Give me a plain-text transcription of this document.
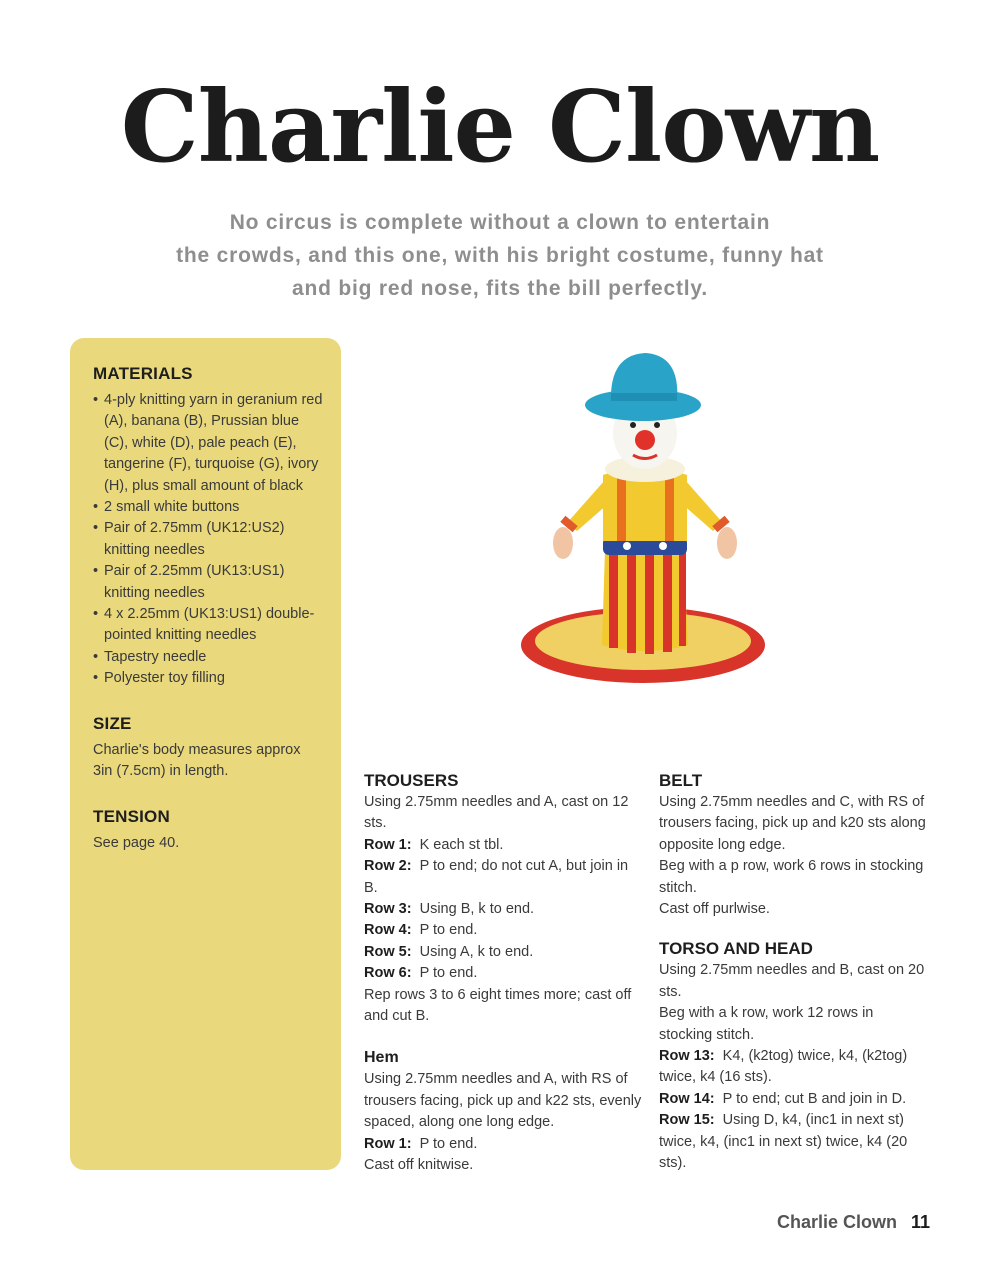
Charlie Clown
No circus is complete without a clown to entertain
the crowds, and this one, with his bright costume, funny hat
and big red nose, fits the bill perfectly.
MATERIALS
• 4-ply knitting yarn in geranium red (A), banana (B), Prussian blue (C), white (D), pale peach (E), tangerine (F), turquoise (G), ivory (H), plus small amount of black
• 2 small white buttons
• Pair of 2.75mm (UK12:US2) knitting needles
• Pair of 2.25mm (UK13:US1) knitting needles
• 4 x 2.25mm (UK13:US1) double-pointed knitting needles
• Tapestry needle
• Polyester toy filling
SIZE

Charlie's body measures approx 3in (7.5cm) in length.

TENSION

See page 40.

TROUSERS
Using 2.75mm needles and A, cast on 12 sts.
Row 1: K each st tbl.
Row 2: P to end; do not cut A, but join in B.
Row 3: Using B, k to end.
Row 4: P to end.
Row 5: Using A, k to end.
Row 6: P to end.
Rep rows 3 to 6 eight times more; cast off and cut B.
Hem
Using 2.75mm needles and A, with RS of trousers facing, pick up and k22 sts, evenly spaced, along one long edge.
Row 1: P to end.
Cast off knitwise.
BELT
Using 2.75mm needles and C, with RS of trousers facing, pick up and k20 sts along opposite long edge.
Beg with a p row, work 6 rows in stocking stitch.
Cast off purlwise.
TORSO AND HEAD
Using 2.75mm needles and B, cast on 20 sts.
Beg with a k row, work 12 rows in stocking stitch.
Row 13: K4, (k2tog) twice, k4, (k2tog) twice, k4 (16 sts).
Row 14: P to end; cut B and join in D.
Row 15: Using D, k4, (inc1 in next st) twice, k4, (inc1 in next st) twice, k4 (20 sts).
Charlie Clown 11
